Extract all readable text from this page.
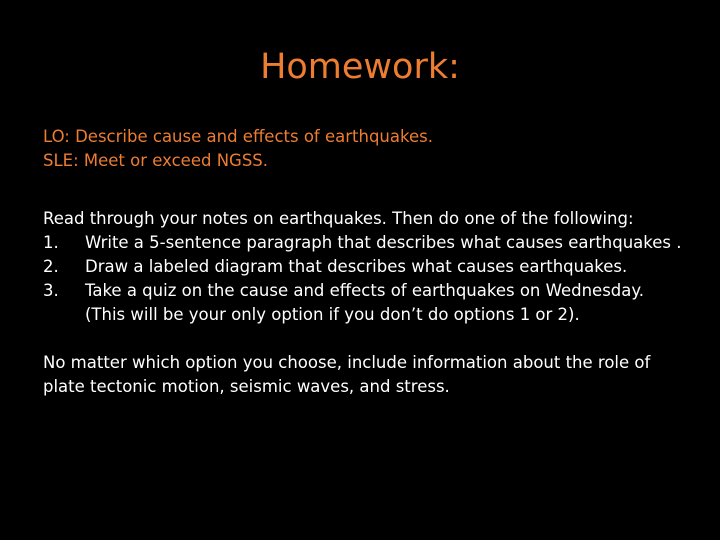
Homework:
LO: Describe cause and effects of earthquakes.
SLE: Meet or exceed NGSS.

Read through your notes on earthquakes. Then do one of the following:

1.	Write a 5-sentence paragraph that describes what causes earthquakes .
2.	Draw a labeled diagram that describes what causes earthquakes.
3.	Take a quiz on the cause and effects of earthquakes on Wednesday. (This will be your only option if you don’t do options 1 or 2).

No matter which option you choose, include information about the role of plate tectonic motion, seismic waves, and stress.
